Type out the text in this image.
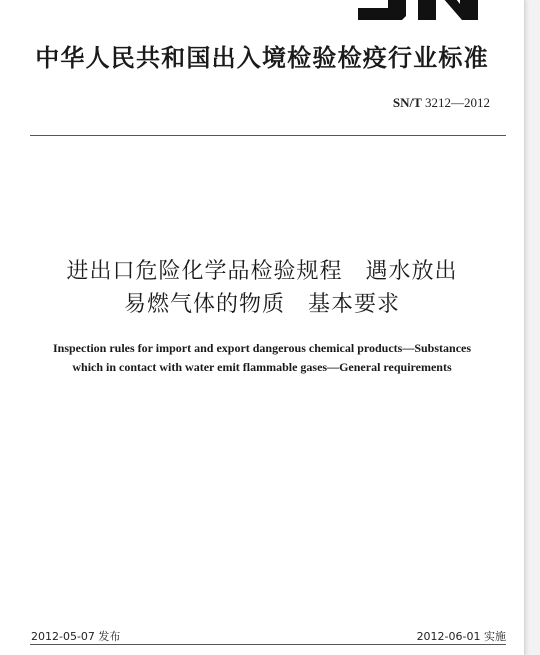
中华人民共和国出入境检验检疫行业标准
SN/T 3212—2012
进出口危险化学品检验规程　遇水放出
易燃气体的物质　基本要求
Inspection rules for import and export dangerous chemical products—Substances
which in contact with water emit flammable gases—General requirements
2012-05-07 发布	2012-06-01 实施
